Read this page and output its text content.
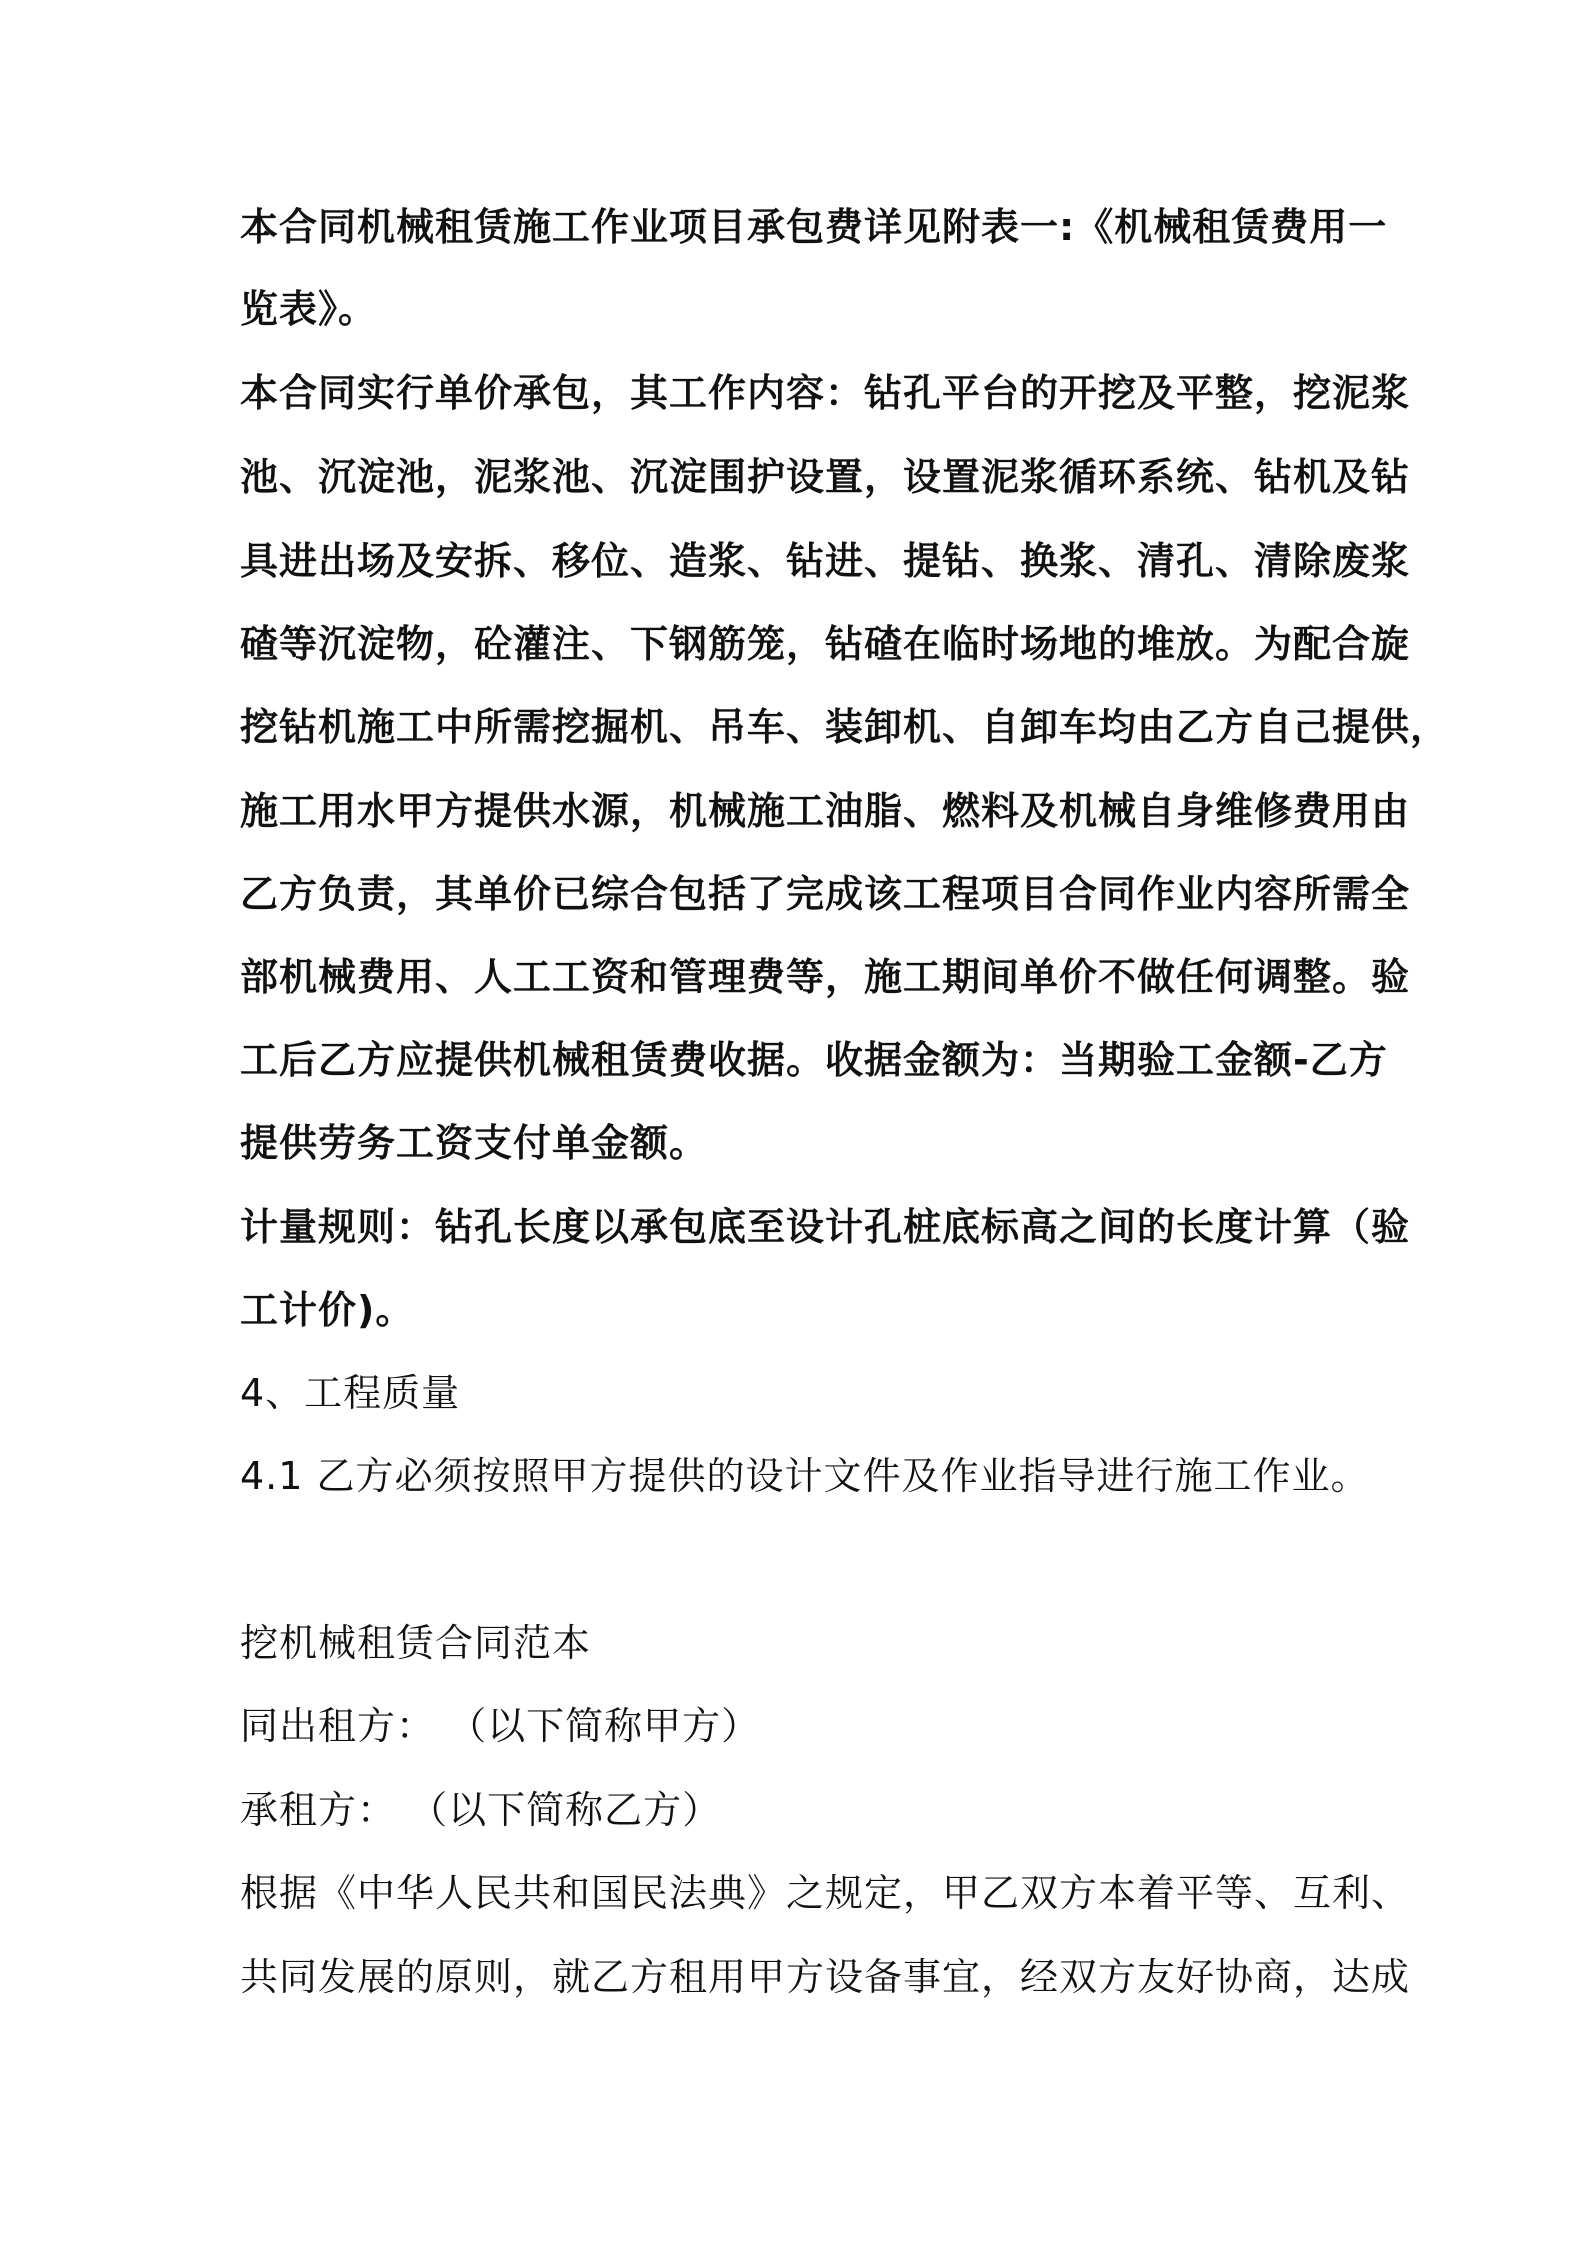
本合同机械租赁施工作业项目承包费详见附表一:《机械租赁费用一
览表》。
本合同实行单价承包，其工作内容：钻孔平台的开挖及平整，挖泥浆
池、沉淀池，泥浆池、沉淀围护设置，设置泥浆循环系统、钻机及钻
具进出场及安拆、移位、造浆、钻进、提钻、换浆、清孔、清除废浆
碴等沉淀物，砼灌注、下钢筋笼，钻碴在临时场地的堆放。为配合旋
挖钻机施工中所需挖掘机、吊车、装卸机、自卸车均由乙方自己提供，
施工用水甲方提供水源，机械施工油脂、燃料及机械自身维修费用由
乙方负责，其单价已综合包括了完成该工程项目合同作业内容所需全
部机械费用、人工工资和管理费等，施工期间单价不做任何调整。验
工后乙方应提供机械租赁费收据。收据金额为：当期验工金额-乙方
提供劳务工资支付单金额。
计量规则：钻孔长度以承包底至设计孔桩底标高之间的长度计算（验
工计价)。
4、工程质量
4.1 乙方必须按照甲方提供的设计文件及作业指导进行施工作业。
挖机械租赁合同范本
同出租方： （以下简称甲方）
承租方： （以下简称乙方）
根据《中华人民共和国民法典》之规定，甲乙双方本着平等、互利、
共同发展的原则，就乙方租用甲方设备事宜，经双方友好协商，达成
